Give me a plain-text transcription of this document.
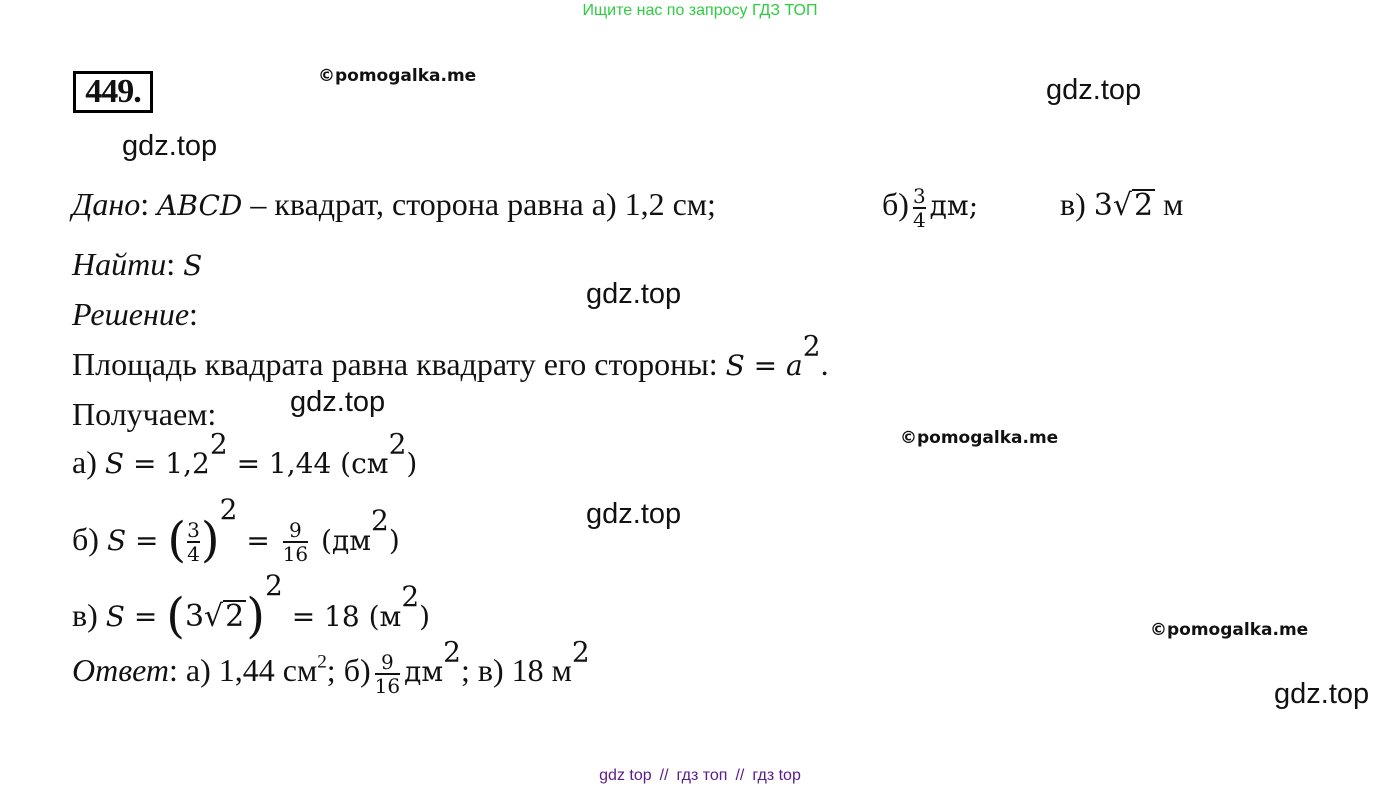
Ищите нас по запросу ГДЗ ТОП
449.	©pomogalka.me	gdz.top
gdz.top
Дано: ABCD – квадрат, сторона равна а) 1,2 см;	$б) \frac{3}{4}$ дм;	в) 3√2 м
Найти: S
gdz.top
Решение:
Площадь квадрата равна квадрату его стороны: $S = a^2$.
Получаем:	gdz.top
©pomogalka.me
а) $S = 1,2^2 = 1,44$ $(см^2)$
gdz.top
б) S = ( $\frac{3}{4} )^2 = \frac{9}{16} (дм^2)$
в) $S = (3√2)^2 = 18$ $(м^2)$	©pomogalka.me
Ответ: а) 1,44 $см^2$; $б) \frac{9}{16} дм^2$; в) 18 $м^2$
gdz.top
gdz top // гдз топ // гдз top
